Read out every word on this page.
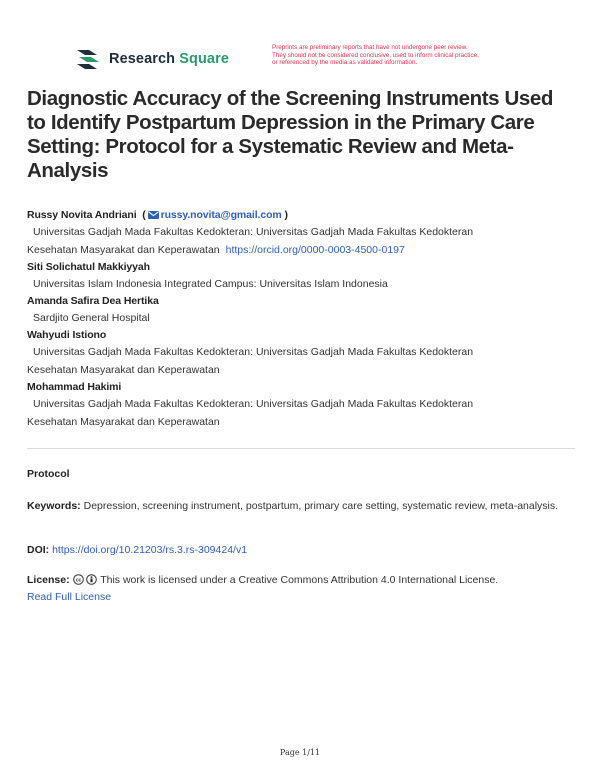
Research Square
Preprints are preliminary reports that have not undergone peer review.
They should not be considered conclusive, used to inform clinical practice,
or referenced by the media as validated information.
Diagnostic Accuracy of the Screening Instruments Used to Identify Postpartum Depression in the Primary Care Setting: Protocol for a Systematic Review and Meta-Analysis
Russy Novita Andriani  ( russy.novita@gmail.com )
Universitas Gadjah Mada Fakultas Kedokteran: Universitas Gadjah Mada Fakultas Kedokteran
Kesehatan Masyarakat dan Keperawatan https://orcid.org/0000-0003-4500-0197
Siti Solichatul Makkiyyah
Universitas Islam Indonesia Integrated Campus: Universitas Islam Indonesia
Amanda Safira Dea Hertika
Sardjito General Hospital
Wahyudi Istiono
Universitas Gadjah Mada Fakultas Kedokteran: Universitas Gadjah Mada Fakultas Kedokteran
Kesehatan Masyarakat dan Keperawatan
Mohammad Hakimi
Universitas Gadjah Mada Fakultas Kedokteran: Universitas Gadjah Mada Fakultas Kedokteran
Kesehatan Masyarakat dan Keperawatan
Protocol
Keywords: Depression, screening instrument, postpartum, primary care setting, systematic review, meta-analysis.
DOI: https://doi.org/10.21203/rs.3.rs-309424/v1
License: cc This work is licensed under a Creative Commons Attribution 4.0 International License.
Read Full License
Page 1/11
